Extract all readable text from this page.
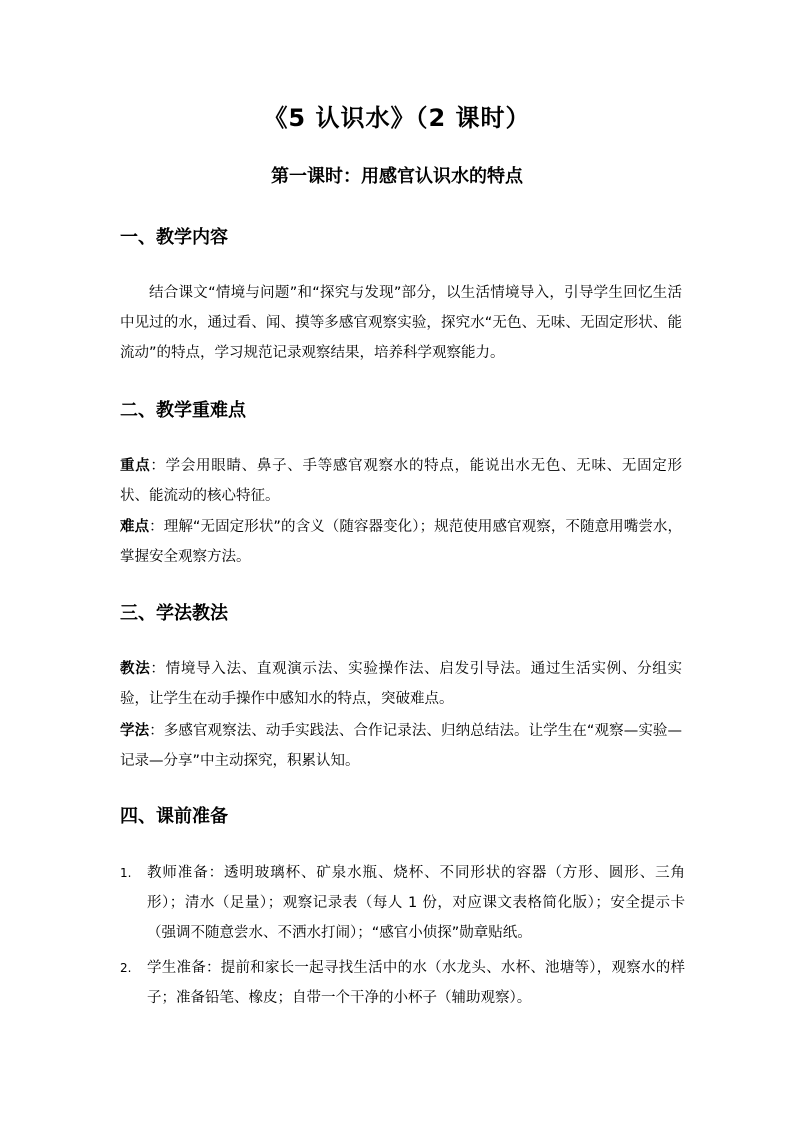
《5 认识水》（2 课时）
第一课时：用感官认识水的特点
一、教学内容
结合课文“情境与问题”和“探究与发现”部分，以生活情境导入，引导学生回忆生活中见过的水，通过看、闻、摸等多感官观察实验，探究水“无色、无味、无固定形状、能流动”的特点，学习规范记录观察结果，培养科学观察能力。
二、教学重难点
重点：学会用眼睛、鼻子、手等感官观察水的特点，能说出水无色、无味、无固定形状、能流动的核心特征。
难点：理解“无固定形状”的含义（随容器变化）；规范使用感官观察，不随意用嘴尝水，掌握安全观察方法。
三、学法教法
教法：情境导入法、直观演示法、实验操作法、启发引导法。通过生活实例、分组实验，让学生在动手操作中感知水的特点，突破难点。
学法：多感官观察法、动手实践法、合作记录法、归纳总结法。让学生在“观察—实验—记录—分享”中主动探究，积累认知。
四、课前准备
1. 教师准备：透明玻璃杯、矿泉水瓶、烧杯、不同形状的容器（方形、圆形、三角形）；清水（足量）；观察记录表（每人 1 份，对应课文表格简化版）；安全提示卡（强调不随意尝水、不洒水打闹）；“感官小侦探”勋章贴纸。
2. 学生准备：提前和家长一起寻找生活中的水（水龙头、水杯、池塘等），观察水的样子；准备铅笔、橡皮；自带一个干净的小杯子（辅助观察）。
